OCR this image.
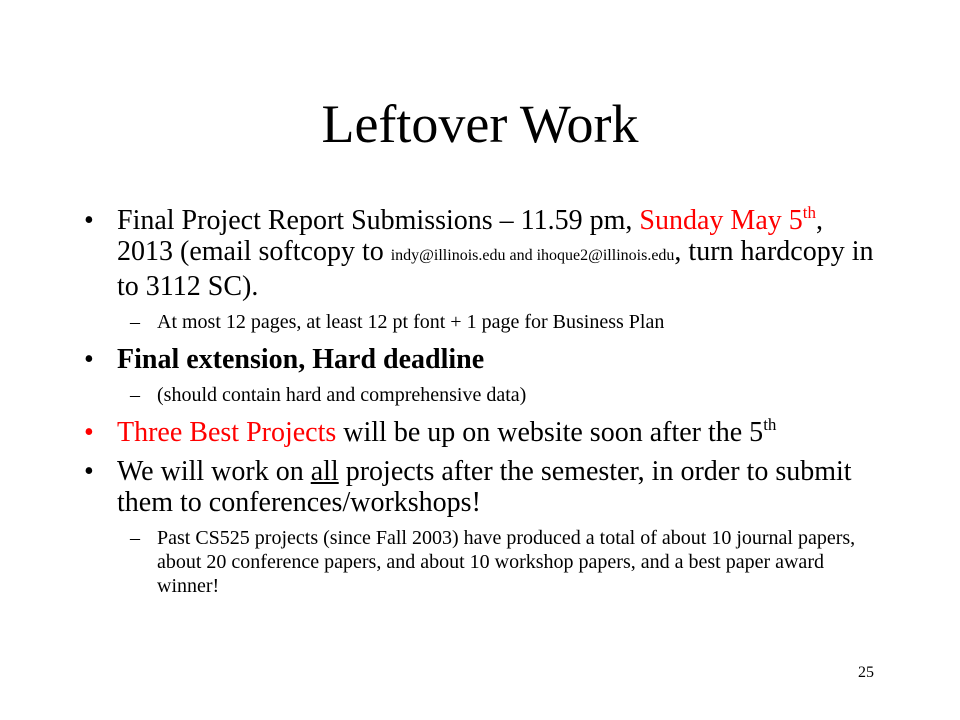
Leftover Work
• Final Project Report Submissions – 11.59 pm, Sunday May 5th, 2013 (email softcopy to indy@illinois.edu and ihoque2@illinois.edu, turn hardcopy in to 3112 SC).
– At most 12 pages, at least 12 pt font + 1 page for Business Plan
• Final extension, Hard deadline
– (should contain hard and comprehensive data)
• Three Best Projects will be up on website soon after the 5th
• We will work on all projects after the semester, in order to submit them to conferences/workshops!
– Past CS525 projects (since Fall 2003) have produced a total of about 10 journal papers, about 20 conference papers, and about 10 workshop papers, and a best paper award winner!
25
